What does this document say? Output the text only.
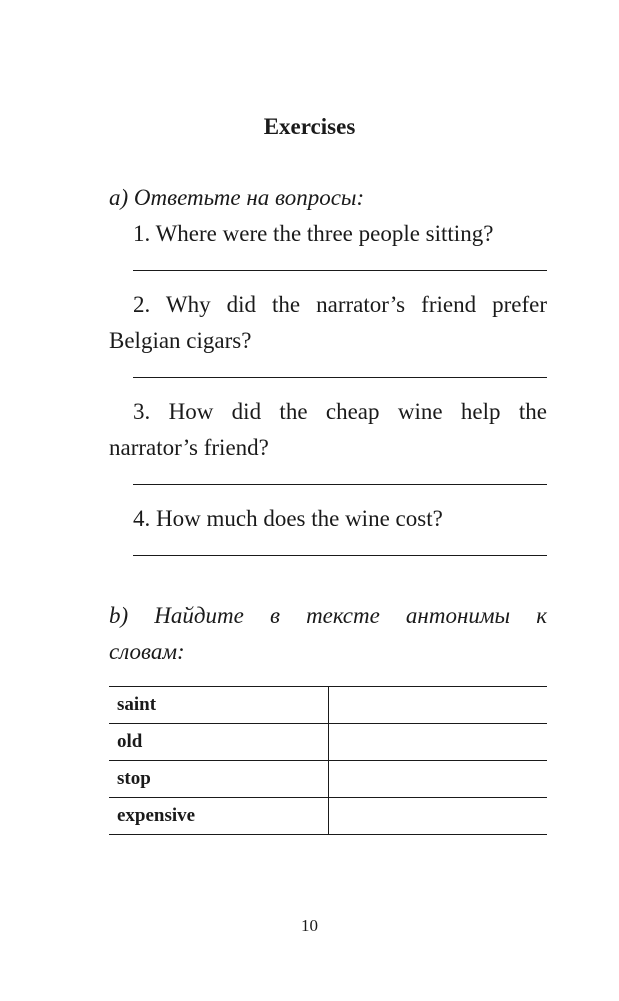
Exercises
a) Ответьте на вопросы:

1. Where were the three people sitting?

2. Why did the narrator’s friend prefer Belgian cigars?

3. How did the cheap wine help the narrator’s friend?

4. How much does the wine cost?

b) Найдите в тексте антонимы к словам:
saint	
old	
stop	
expensive	
10
